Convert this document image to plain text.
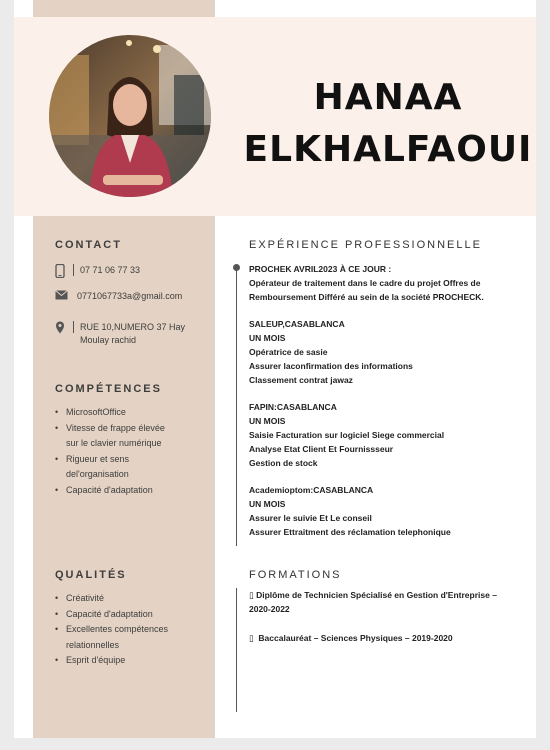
HANAA
ELKHALFAOUI
CONTACT
07 71 06 77 33
0771067733a@gmail.com
RUE 10,NUMERO 37 Hay
Moulay rachid
COMPÉTENCES
• MicrosoftOffice
• Vitesse de frappe élevée
sur le clavier numérique
• Rigueur et sens
del'organisation
• Capacité d'adaptation
QUALITÉS
• Créativité
• Capacité d'adaptation
• Excellentes compétences
relationnelles
• Esprit d'équipe
EXPÉRIENCE PROFESSIONNELLE
PROCHEK AVRIL2023 À CE JOUR :
Opérateur de traitement dans le cadre du projet Offres de
Remboursement Différé au sein de la société PROCHECK.
SALEUP,CASABLANCA
UN MOIS
Opératrice de sasie
Assurer laconfirmation des informations
Classement contrat jawaz
FAPIN:CASABLANCA
UN MOIS
Saisie Facturation sur logiciel Siege commercial
Analyse Etat Client Et Fournissseur
Gestion de stock
Academioptom:CASABLANCA
UN MOIS
Assurer le suivie Et Le conseil
Assurer Ettraitment des réclamation telephonique
FORMATIONS
▯ Diplôme de Technicien Spécialisé en Gestion d'Entreprise –
2020-2022
▯ Baccalauréat – Sciences Physiques – 2019-2020
